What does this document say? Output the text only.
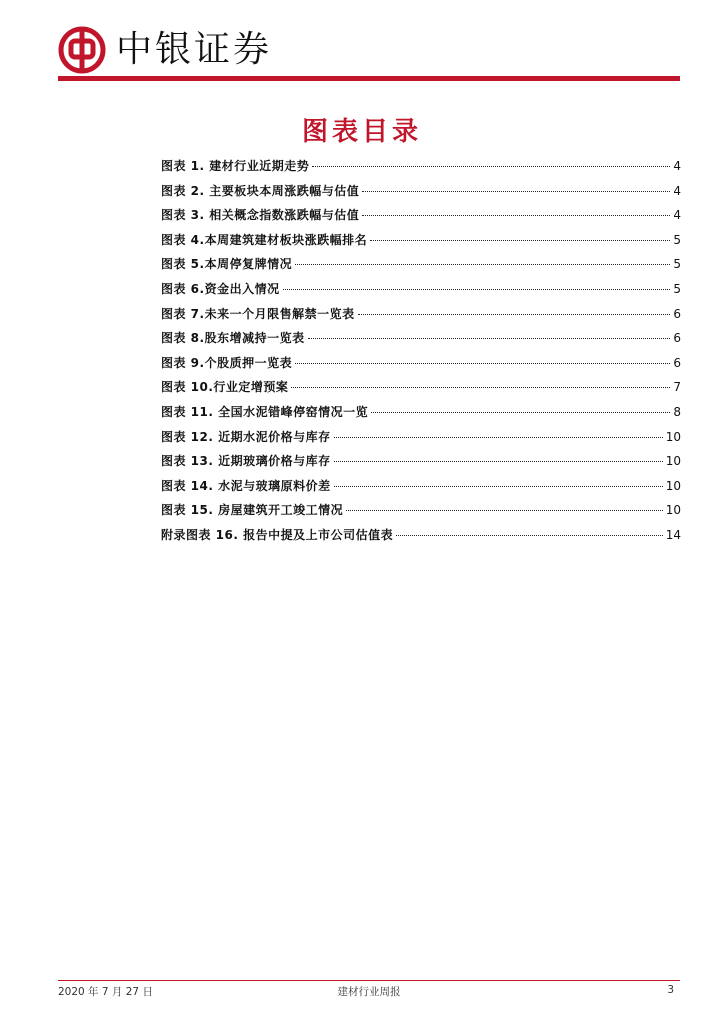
中银证券
图表目录
图表 1. 建材行业近期走势	4
图表 2. 主要板块本周涨跌幅与估值	4
图表 3. 相关概念指数涨跌幅与估值	4
图表 4.本周建筑建材板块涨跌幅排名	5
图表 5.本周停复牌情况	5
图表 6.资金出入情况	5
图表 7.未来一个月限售解禁一览表	6
图表 8.股东增减持一览表	6
图表 9.个股质押一览表	6
图表 10.行业定增预案	7
图表 11. 全国水泥错峰停窑情况一览	8
图表 12. 近期水泥价格与库存	10
图表 13. 近期玻璃价格与库存	10
图表 14. 水泥与玻璃原料价差	10
图表 15. 房屋建筑开工竣工情况	10
附录图表 16. 报告中提及上市公司估值表	14
2020 年 7 月 27 日	建材行业周报	3
